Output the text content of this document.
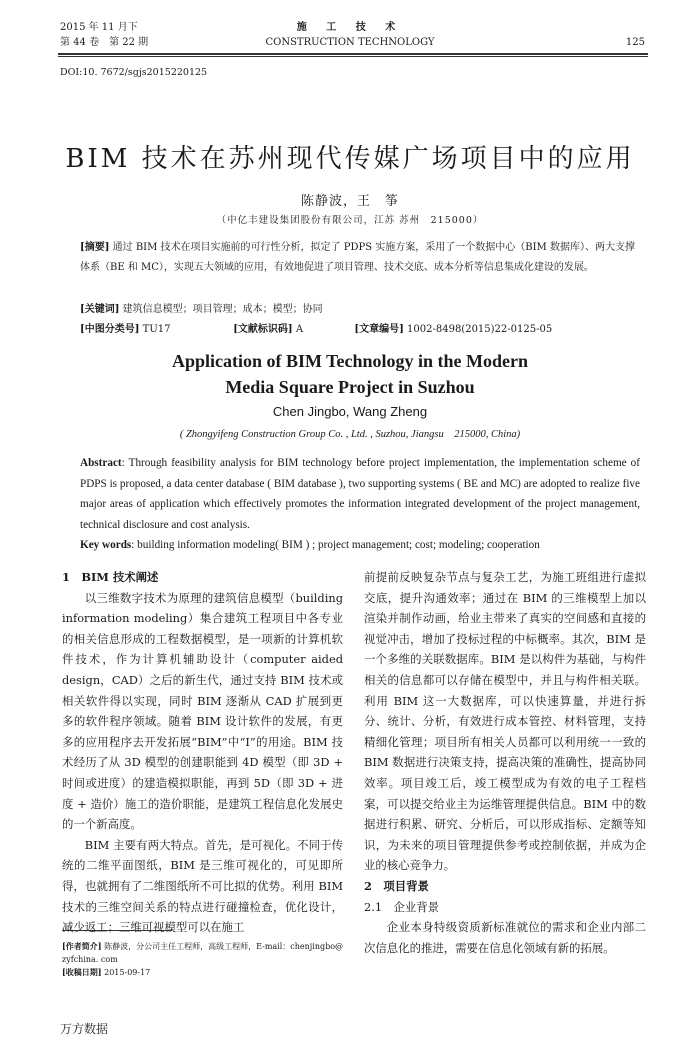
2015 年 11 月下
第 44 卷　第 22 期
施 工 技 术
CONSTRUCTION TECHNOLOGY	125
DOI:10. 7672/sgjs2015220125
BIM 技术在苏州现代传媒广场项目中的应用
陈静波，王　筝
（中亿丰建设集团股份有限公司，江苏 苏州　215000）
[摘要] 通过 BIM 技术在项目实施前的可行性分析，拟定了 PDPS 实施方案，采用了一个数据中心（BIM 数据库）、两大支撑体系（BE 和 MC），实现五大领域的应用，有效地促进了项目管理、技术交底、成本分析等信息集成化建设的发展。
[关键词] 建筑信息模型；项目管理；成本；模型；协同
[中图分类号] TU17	[文献标识码] A	[文章编号] 1002-8498(2015)22-0125-05
Application of BIM Technology in the Modern
Media Square Project in Suzhou
Chen Jingbo, Wang Zheng
( Zhongyifeng Construction Group Co. , Ltd. , Suzhou, Jiangsu　215000, China)
Abstract: Through feasibility analysis for BIM technology before project implementation, the implementation scheme of PDPS is proposed, a data center database ( BIM database ), two supporting systems ( BE and MC) are adopted to realize five major areas of application which effectively promotes the information integrated development of the project management, technical disclosure and cost analysis.
Key words: building information modeling( BIM ) ; project management; cost; modeling; cooperation
1　BIM 技术阐述

以三维数字技术为原理的建筑信息模型（building information modeling）集合建筑工程项目中各专业的相关信息形成的工程数据模型，是一项新的计算机软件技术，作为计算机辅助设计（computer aided design，CAD）之后的新生代，通过支持 BIM 技术或相关软件得以实现，同时 BIM 逐渐从 CAD 扩展到更多的软件程序领域。随着 BIM 设计软件的发展，有更多的应用程序去开发拓展“BIM”中“I”的用途。BIM 技术经历了从 3D 模型的创建职能到 4D 模型（即 3D + 时间或进度）的建造模拟职能，再到 5D（即 3D + 进度 + 造价）施工的造价职能，是建筑工程信息化发展史的一个新高度。

BIM 主要有两大特点。首先，是可视化。不同于传统的二维平面图纸，BIM 是三维可视化的，可见即所得，也就拥有了二维图纸所不可比拟的优势。利用 BIM 技术的三维空间关系的特点进行碰撞检查，优化设计，减少返工；三维可视模型可以在施工

前提前反映复杂节点与复杂工艺，为施工班组进行虚拟交底，提升沟通效率；通过在 BIM 的三维模型上加以渲染并制作动画，给业主带来了真实的空间感和直接的视觉冲击，增加了投标过程的中标概率。其次，BIM 是一个多维的关联数据库。BIM 是以构件为基础，与构件相关的信息都可以存储在模型中，并且与构件相关联。利用 BIM 这一大数据库，可以快速算量，并进行拆分、统计、分析，有效进行成本管控、材料管理，支持精细化管理；项目所有相关人员都可以利用统一一致的 BIM 数据进行决策支持，提高决策的准确性，提高协同效率。项目竣工后，竣工模型成为有效的电子工程档案，可以提交给业主为运维管理提供信息。BIM 中的数据进行积累、研究、分析后，可以形成指标、定额等知识，为未来的项目管理提供参考或控制依据，并成为企业的核心竞争力。

2　项目背景
2.1　企业背景

企业本身特级资质新标准就位的需求和企业内部二次信息化的推进，需要在信息化领域有新的拓展。

[作者简介] 陈静波，分公司主任工程师，高级工程师，E-mail：chenjingbo@ zyfchina. com
[收稿日期] 2015-09-17
万方数据
